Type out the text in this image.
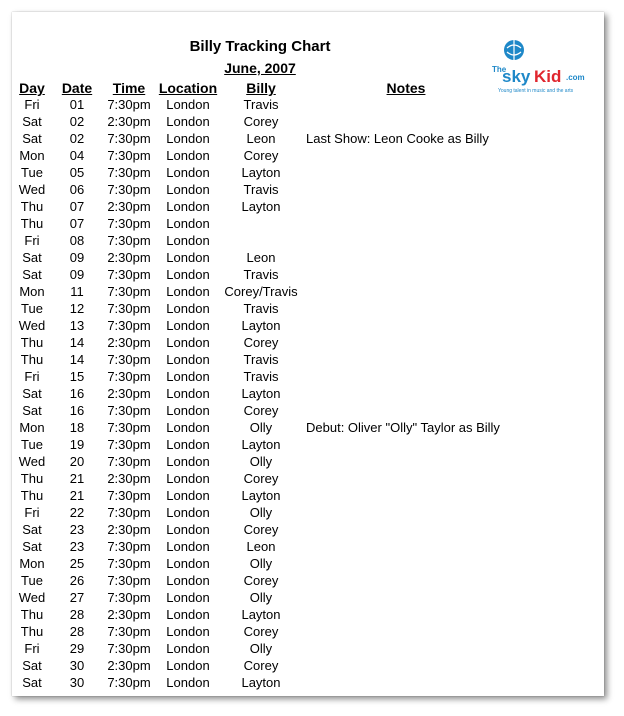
Billy Tracking Chart
June, 2007	The
sky Kid .com
Young talent in music and the arts
Day	Date	Time Location	Billy	Notes
Fri	01	7:30pm	London	Travis
Sat	02	2:30pm	London	Corey
Sat	02	7:30pm	London	Leon	Last Show: Leon Cooke as Billy
Mon	04	7:30pm	London	Corey
Tue	05	7:30pm	London	Layton
Wed	06	7:30pm	London	Travis
Thu	07	2:30pm	London	Layton
Thu	07	7:30pm	London
Fri	08	7:30pm	London
Sat	09	2:30pm	London	Leon
Sat	09	7:30pm	London	Travis
Mon	11	7:30pm	London	Corey/Travis
Tue	12	7:30pm	London	Travis
Wed	13	7:30pm	London	Layton
Thu	14	2:30pm	London	Corey
Thu	14	7:30pm	London	Travis
Fri	15	7:30pm	London	Travis
Sat	16	2:30pm	London	Layton
Sat	16	7:30pm	London	Corey
Mon	18	7:30pm	London	Olly	Debut: Oliver "Olly" Taylor as Billy
Tue	19	7:30pm	London	Layton
Wed	20	7:30pm	London	Olly
Thu	21	2:30pm	London	Corey
Thu	21	7:30pm	London	Layton
Fri	22	7:30pm	London	Olly
Sat	23	2:30pm	London	Corey
Sat	23	7:30pm	London	Leon
Mon	25	7:30pm	London	Olly
Tue	26	7:30pm	London	Corey
Wed	27	7:30pm	London	Olly
Thu	28	2:30pm	London	Layton
Thu	28	7:30pm	London	Corey
Fri	29	7:30pm	London	Olly
Sat	30	2:30pm	London	Corey
Sat	30	7:30pm	London	Layton
